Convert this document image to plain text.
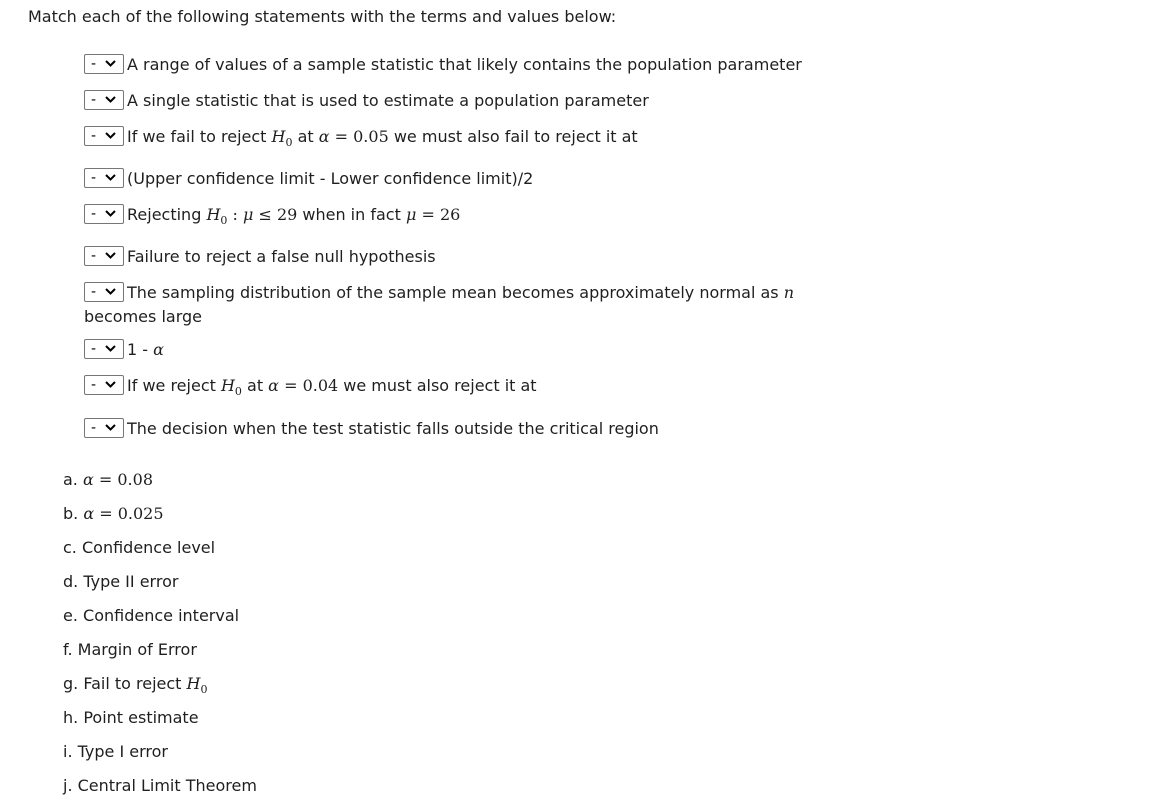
Match each of the following statements with the terms and values below:
- A range of values of a sample statistic that likely contains the population parameter
- A single statistic that is used to estimate a population parameter
- If we fail to reject $H_0$ at α = 0.05 we must also fail to reject it at
- (Upper confidence limit - Lower confidence limit)/2
- Rejecting $H_0$ : μ ≤ 29 when in fact μ = 26
- Failure to reject a false null hypothesis
- The sampling distribution of the sample mean becomes approximately normal as n
becomes large
- 1 - α
- If we reject $H_0$ at α = 0.04 we must also reject it at
- The decision when the test statistic falls outside the critical region
a. α = 0.08
b. α = 0.025
c. Confidence level
d. Type II error
e. Confidence interval
f. Margin of Error
g. Fail to reject $H_0$
h. Point estimate
i. Type I error
j. Central Limit Theorem
